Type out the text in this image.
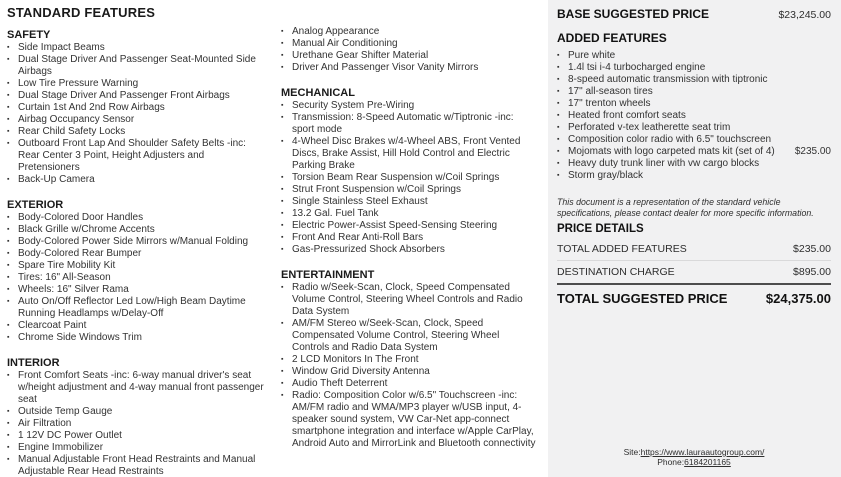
STANDARD FEATURES
SAFETY
▪ Side Impact Beams
▪ Dual Stage Driver And Passenger Seat-Mounted Side Airbags
▪ Low Tire Pressure Warning
▪ Dual Stage Driver And Passenger Front Airbags
▪ Curtain 1st And 2nd Row Airbags
▪ Airbag Occupancy Sensor
▪ Rear Child Safety Locks
▪ Outboard Front Lap And Shoulder Safety Belts -inc: Rear Center 3 Point, Height Adjusters and Pretensioners
▪ Back-Up Camera
EXTERIOR
▪ Body-Colored Door Handles
▪ Black Grille w/Chrome Accents
▪ Body-Colored Power Side Mirrors w/Manual Folding
▪ Body-Colored Rear Bumper
▪ Spare Tire Mobility Kit
▪ Tires: 16" All-Season
▪ Wheels: 16" Silver Rama
▪ Auto On/Off Reflector Led Low/High Beam Daytime Running Headlamps w/Delay-Off
▪ Clearcoat Paint
▪ Chrome Side Windows Trim
INTERIOR
▪ Front Comfort Seats -inc: 6-way manual driver's seat w/height adjustment and 4-way manual front passenger seat
▪ Outside Temp Gauge
▪ Air Filtration
▪ 1 12V DC Power Outlet
▪ Engine Immobilizer
▪ Manual Adjustable Front Head Restraints and Manual Adjustable Rear Head Restraints
▪ Analog Appearance
▪ Manual Air Conditioning
▪ Urethane Gear Shifter Material
▪ Driver And Passenger Visor Vanity Mirrors
MECHANICAL
▪ Security System Pre-Wiring
▪ Transmission: 8-Speed Automatic w/Tiptronic -inc: sport mode
▪ 4-Wheel Disc Brakes w/4-Wheel ABS, Front Vented Discs, Brake Assist, Hill Hold Control and Electric Parking Brake
▪ Torsion Beam Rear Suspension w/Coil Springs
▪ Strut Front Suspension w/Coil Springs
▪ Single Stainless Steel Exhaust
▪ 13.2 Gal. Fuel Tank
▪ Electric Power-Assist Speed-Sensing Steering
▪ Front And Rear Anti-Roll Bars
▪ Gas-Pressurized Shock Absorbers
ENTERTAINMENT
▪ Radio w/Seek-Scan, Clock, Speed Compensated Volume Control, Steering Wheel Controls and Radio Data System
▪ AM/FM Stereo w/Seek-Scan, Clock, Speed Compensated Volume Control, Steering Wheel Controls and Radio Data System
▪ 2 LCD Monitors In The Front
▪ Window Grid Diversity Antenna
▪ Audio Theft Deterrent
▪ Radio: Composition Color w/6.5" Touchscreen -inc: AM/FM radio and WMA/MP3 player w/USB input, 4-speaker sound system, VW Car-Net app-connect smartphone integration and interface w/Apple CarPlay, Android Auto and MirrorLink and Bluetooth connectivity
BASE SUGGESTED PRICE	$23,245.00
ADDED FEATURES
▪ Pure white
▪ 1.4l tsi i-4 turbocharged engine
▪ 8-speed automatic transmission with tiptronic
▪ 17" all-season tires
▪ 17" trenton wheels
▪ Heated front comfort seats
▪ Perforated v-tex leatherette seat trim
▪ Composition color radio with 6.5" touchscreen
▪ Mojomats with logo carpeted mats kit (set of 4)	$235.00
▪ Heavy duty trunk liner with vw cargo blocks
▪ Storm gray/black

This document is a representation of the standard vehicle specifications, please contact dealer for more specific information.

PRICE DETAILS
TOTAL ADDED FEATURES	$235.00
DESTINATION CHARGE	$895.00
TOTAL SUGGESTED PRICE	$24,375.00
Site:https://www.lauraautogroup.com/
Phone:6184201165
